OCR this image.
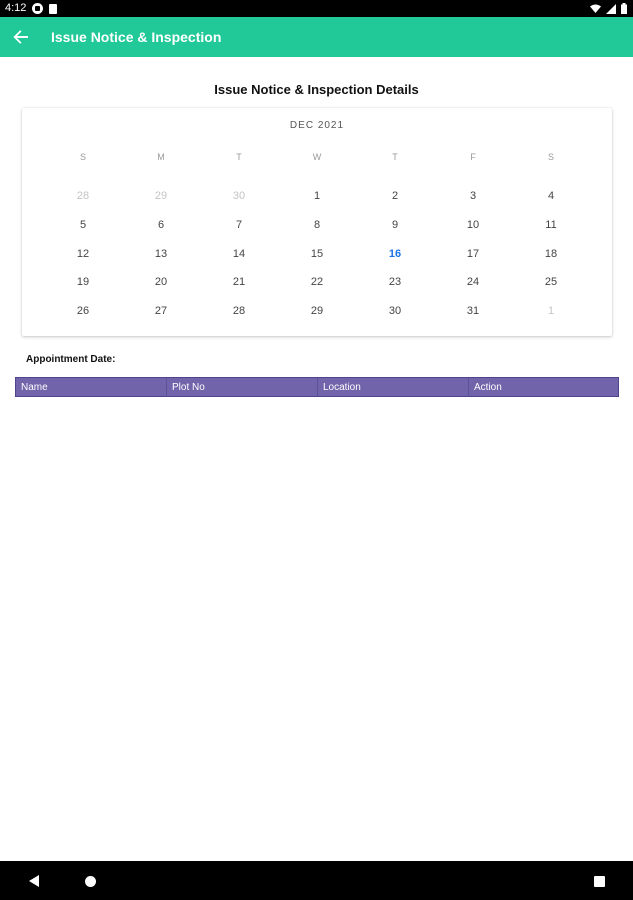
4:12
Issue Notice & Inspection
Issue Notice & Inspection Details
DEC 2021
S	M	T	W	T	F	S
28	29	30	1	2	3	4
5	6	7	8	9	10	11
12	13	14	15	16	17	18
19	20	21	22	23	24	25
26	27	28	29	30	31	1
Appointment Date:
Name	Plot No	Location	Action
